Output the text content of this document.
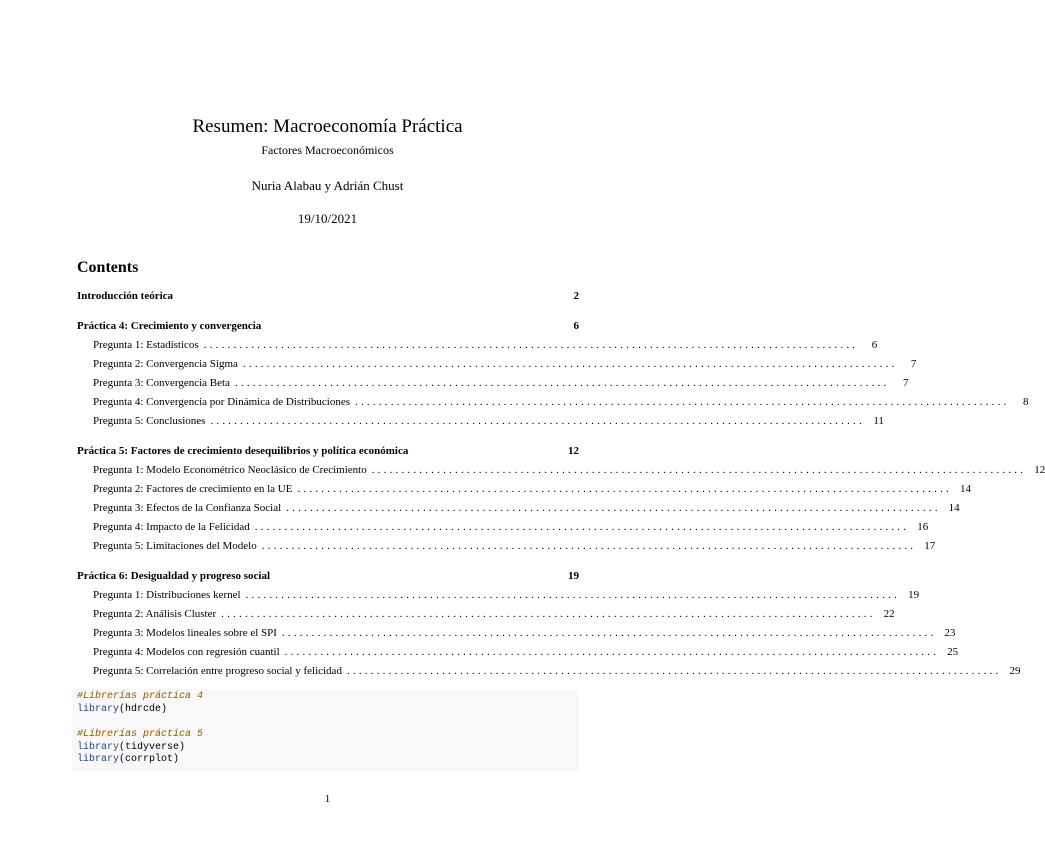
Resumen: Macroeconomía Práctica
Factores Macroeconómicos
Nuria Alabau y Adrián Chust
19/10/2021
Contents
Introducción teórica	2
Práctica 4: Crecimiento y convergencia	6
Pregunta 1: Estadísticos ..............................................................................................................	6
Pregunta 2: Convergencia Sigma ..............................................................................................................	7
Pregunta 3: Convergencia Beta ..............................................................................................................	7
Pregunta 4: Convergencia por Dinámica de Distribuciones ..............................................................................................................	8
Pregunta 5: Conclusiones .............................................................................................................. 11
Práctica 5: Factores de crecimiento desequilibrios y política económica	12
Pregunta 1: Modelo Econométrico Neoclásico de Crecimiento .............................................................................................................. 12
Pregunta 2: Factores de crecimiento en la UE .............................................................................................................. 14
Pregunta 3: Efectos de la Confianza Social .............................................................................................................. 14
Pregunta 4: Impacto de la Felicidad .............................................................................................................. 16
Pregunta 5: Limitaciones del Modelo .............................................................................................................. 17
Práctica 6: Desigualdad y progreso social	19
Pregunta 1: Distribuciones kernel .............................................................................................................. 19
Pregunta 2: Análisis Cluster .............................................................................................................. 22
Pregunta 3: Modelos lineales sobre el SPI .............................................................................................................. 23
Pregunta 4: Modelos con regresión cuantil .............................................................................................................. 25
Pregunta 5: Correlación entre progreso social y felicidad .............................................................................................................. 29
#Librerías práctica 4
library(hdrcde)

#Librerías práctica 5
library(tidyverse)
library(corrplot)
1
